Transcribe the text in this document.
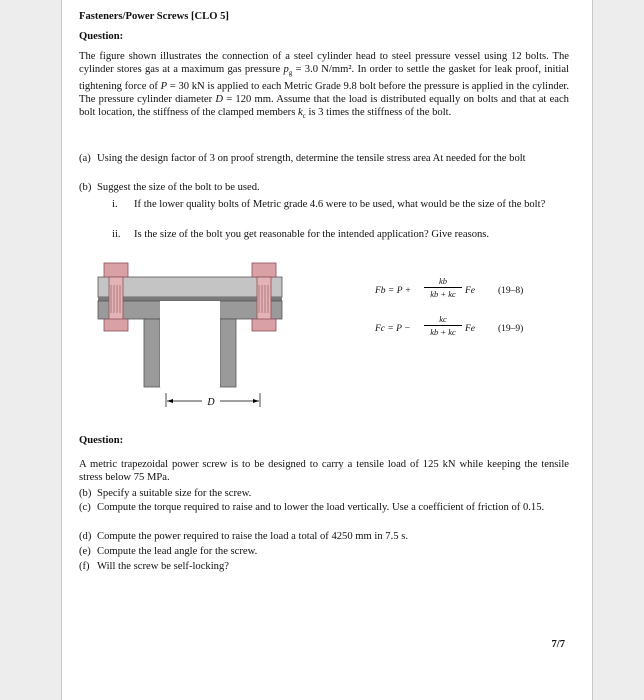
Fasteners/Power Screws [CLO 5]
Question:
The figure shown illustrates the connection of a steel cylinder head to steel pressure vessel using 12 bolts. The cylinder stores gas at a maximum gas pressure $p_g = 3.0$ N/mm². In order to settle the gasket for leak proof, initial tightening force of P = 30 kN is applied to each Metric Grade 9.8 bolt before the pressure is applied in the cylinder. The pressure cylinder diameter D = 120 mm. Assume that the load is distributed equally on bolts and that at each bolt location, the stiffness of the clamped members $k_c$ is 3 times the stiffness of the bolt.
(a) Using the design factor of 3 on proof strength, determine the tensile stress area At needed for the bolt
(b) Suggest the size of the bolt to be used.
i. If the lower quality bolts of Metric grade 4.6 were to be used, what would be the size of the bolt?
ii. Is the size of the bolt you get reasonable for the intended application? Give reasons.
D
Fb = P +
kb
kb + kc Fe (19–8)
Fc = P −
kc
kb + kc Fe (19–9)
Question:
A metric trapezoidal power screw is to be designed to carry a tensile load of 125 kN while keeping the tensile stress below 75 MPa.
(b) Specify a suitable size for the screw.
(c) Compute the torque required to raise and to lower the load vertically. Use a coefficient of friction of 0.15.
(d) Compute the power required to raise the load a total of 4250 mm in 7.5 s.
(e) Compute the lead angle for the screw.
(f) Will the screw be self-locking?
7/7
